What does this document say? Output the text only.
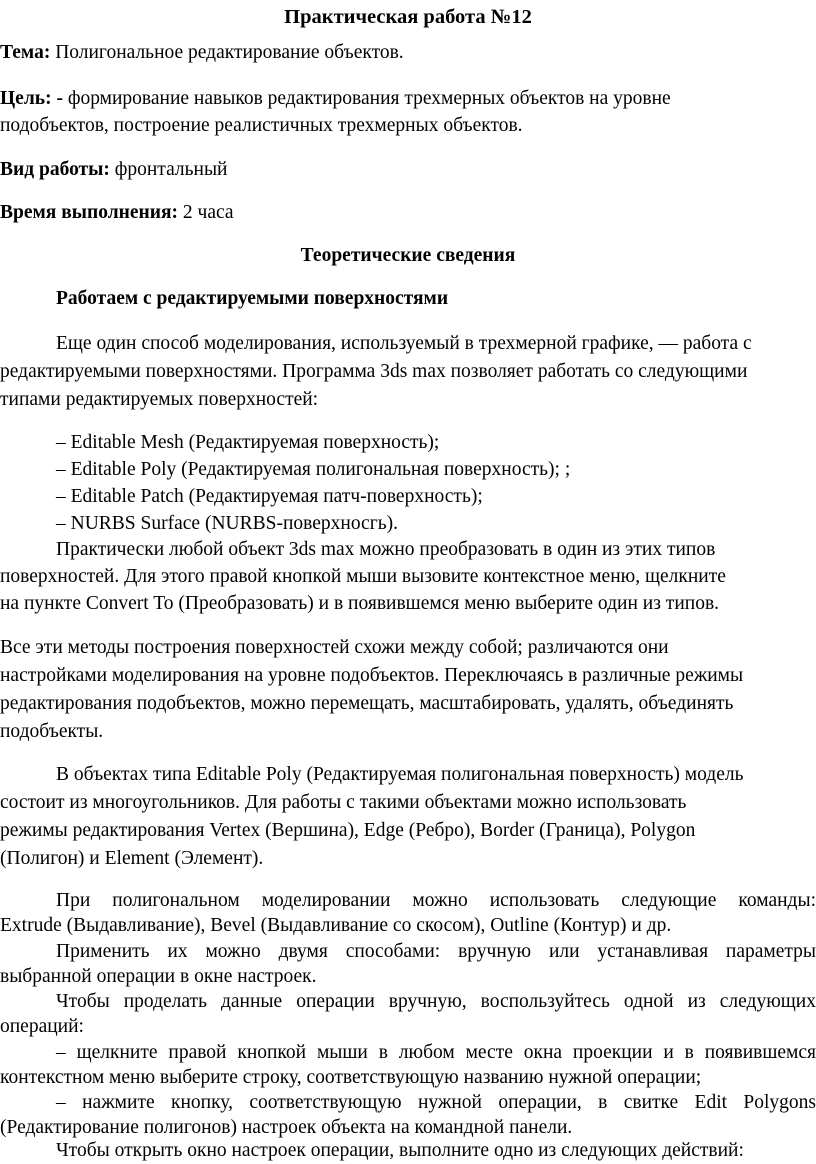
Практическая работа №12
Тема: Полигональное редактирование объектов.
Цель: - формирование навыков редактирования трехмерных объектов на уровне
подобъектов, построение реалистичных трехмерных объектов.
Вид работы: фронтальный
Время выполнения: 2 часа
Теоретические сведения
Работаем с редактируемыми поверхностями
Еще один способ моделирования, используемый в трехмерной графике, — работа с
редактируемыми поверхностями. Программа 3ds max позволяет работать со следующими
типами редактируемых поверхностей:
– Editable Mesh (Редактируемая поверхность);
– Editable Poly (Редактируемая полигональная поверхность); ;
– Editable Patch (Редактируемая патч-поверхность);
– NURBS Surface (NURBS-поверхносгь).
Практически любой объект 3ds max можно преобразовать в один из этих типов
поверхностей. Для этого правой кнопкой мыши вызовите контекстное меню, щелкните
на пункте Convert To (Преобразовать) и в появившемся меню выберите один из типов.
Все эти методы построения поверхностей схожи между собой; различаются они
настройками моделирования на уровне подобъектов. Переключаясь в различные режимы
редактирования подобъектов, можно перемещать, масштабировать, удалять, объединять
подобъекты.
В объектах типа Editable Poly (Редактируемая полигональная поверхность) модель
состоит из многоугольников. Для работы с такими объектами можно использовать
режимы редактирования Vertex (Вершина), Edge (Ребро), Border (Граница), Polygon
(Полигон) и Element (Элемент).
При полигональном моделировании можно использовать следующие команды:
Extrude (Выдавливание), Bevel (Выдавливание со скосом), Outline (Контур) и др.
Применить их можно двумя способами: вручную или устанавливая параметры
выбранной операции в окне настроек.
Чтобы проделать данные операции вручную, воспользуйтесь одной из следующих
операций:
– щелкните правой кнопкой мыши в любом месте окна проекции и в появившемся
контекстном меню выберите строку, соответствующую названию нужной операции;
– нажмите кнопку, соответствующую нужной операции, в свитке Edit Polygons
(Редактирование полигонов) настроек объекта на командной панели.
Чтобы открыть окно настроек операции, выполните одно из следующих действий:
